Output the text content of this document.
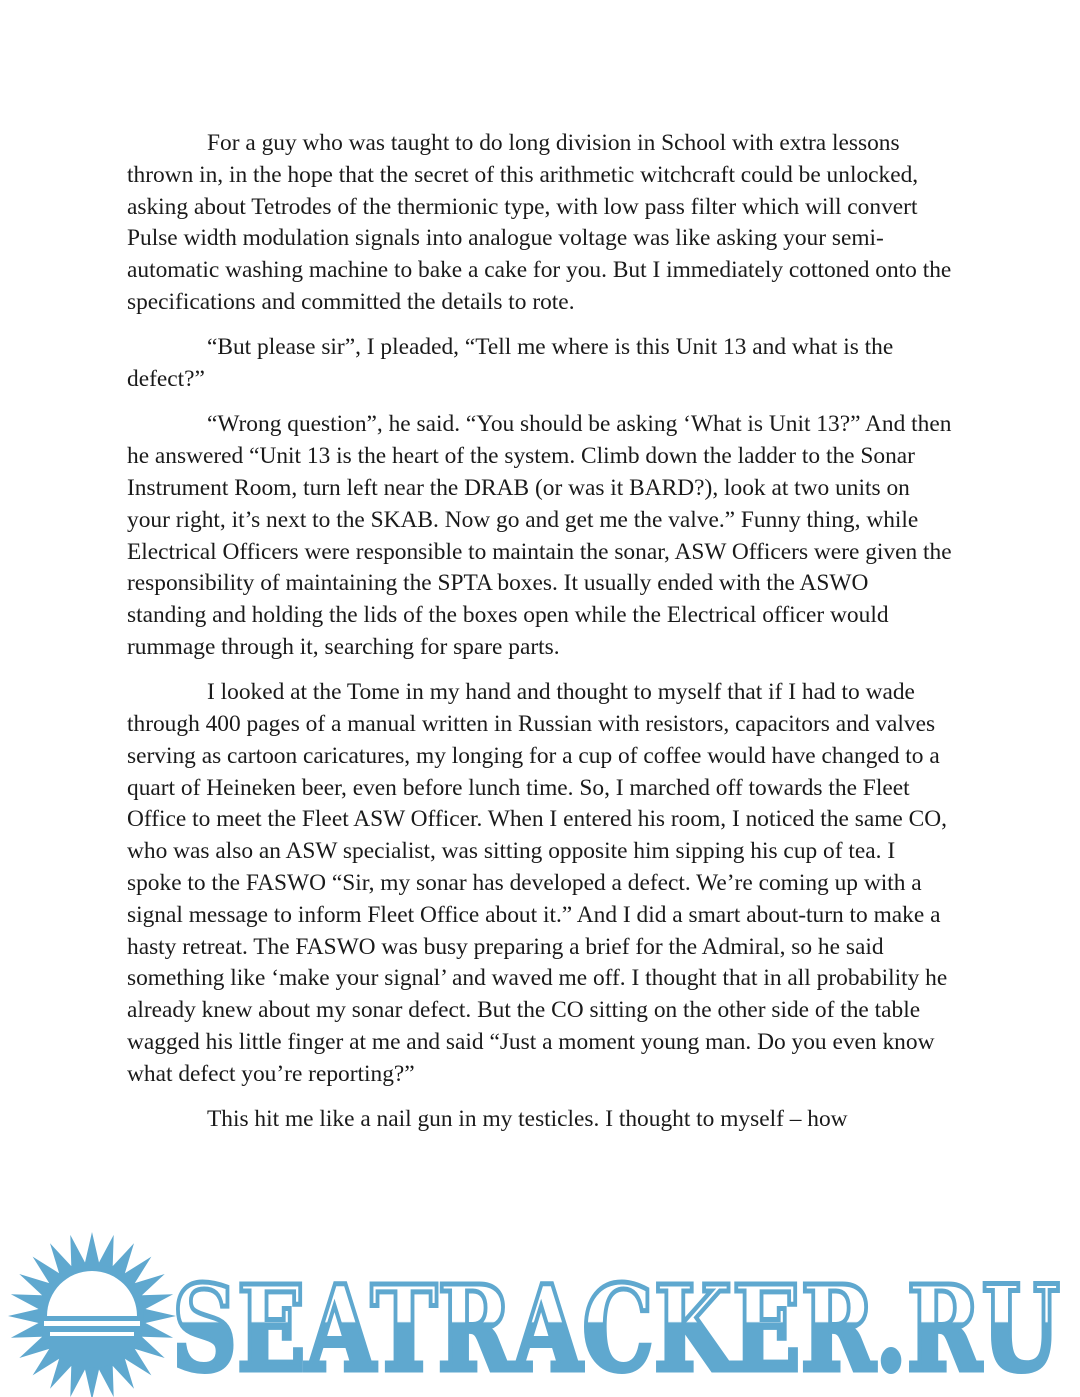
For a guy who was taught to do long division in School with extra lessons thrown in, in the hope that the secret of this arithmetic witchcraft could be unlocked, asking about Tetrodes of the thermionic type, with low pass filter which will convert Pulse width modulation signals into analogue voltage was like asking your semi-automatic washing machine to bake a cake for you. But I immediately cottoned onto the specifications and committed the details to rote.

“But please sir”, I pleaded, “Tell me where is this Unit 13 and what is the defect?”

“Wrong question”, he said. “You should be asking ‘What is Unit 13?” And then he answered “Unit 13 is the heart of the system. Climb down the ladder to the Sonar Instrument Room, turn left near the DRAB (or was it BARD?), look at two units on your right, it’s next to the SKAB. Now go and get me the valve.” Funny thing, while Electrical Officers were responsible to maintain the sonar, ASW Officers were given the responsibility of maintaining the SPTA boxes. It usually ended with the ASWO standing and holding the lids of the boxes open while the Electrical officer would rummage through it, searching for spare parts.

I looked at the Tome in my hand and thought to myself that if I had to wade through 400 pages of a manual written in Russian with resistors, capacitors and valves serving as cartoon caricatures, my longing for a cup of coffee would have changed to a quart of Heineken beer, even before lunch time. So, I marched off towards the Fleet Office to meet the Fleet ASW Officer. When I entered his room, I noticed the same CO, who was also an ASW specialist, was sitting opposite him sipping his cup of tea. I spoke to the FASWO “Sir, my sonar has developed a defect. We’re coming up with a signal message to inform Fleet Office about it.” And I did a smart about-turn to make a hasty retreat. The FASWO was busy preparing a brief for the Admiral, so he said something like ‘make your signal’ and waved me off. I thought that in all probability he already knew about my sonar defect. But the CO sitting on the other side of the table wagged his little finger at me and said “Just a moment young man. Do you even know what defect you’re reporting?”

This hit me like a nail gun in my testicles. I thought to myself – how

SEATRACKER.RU
